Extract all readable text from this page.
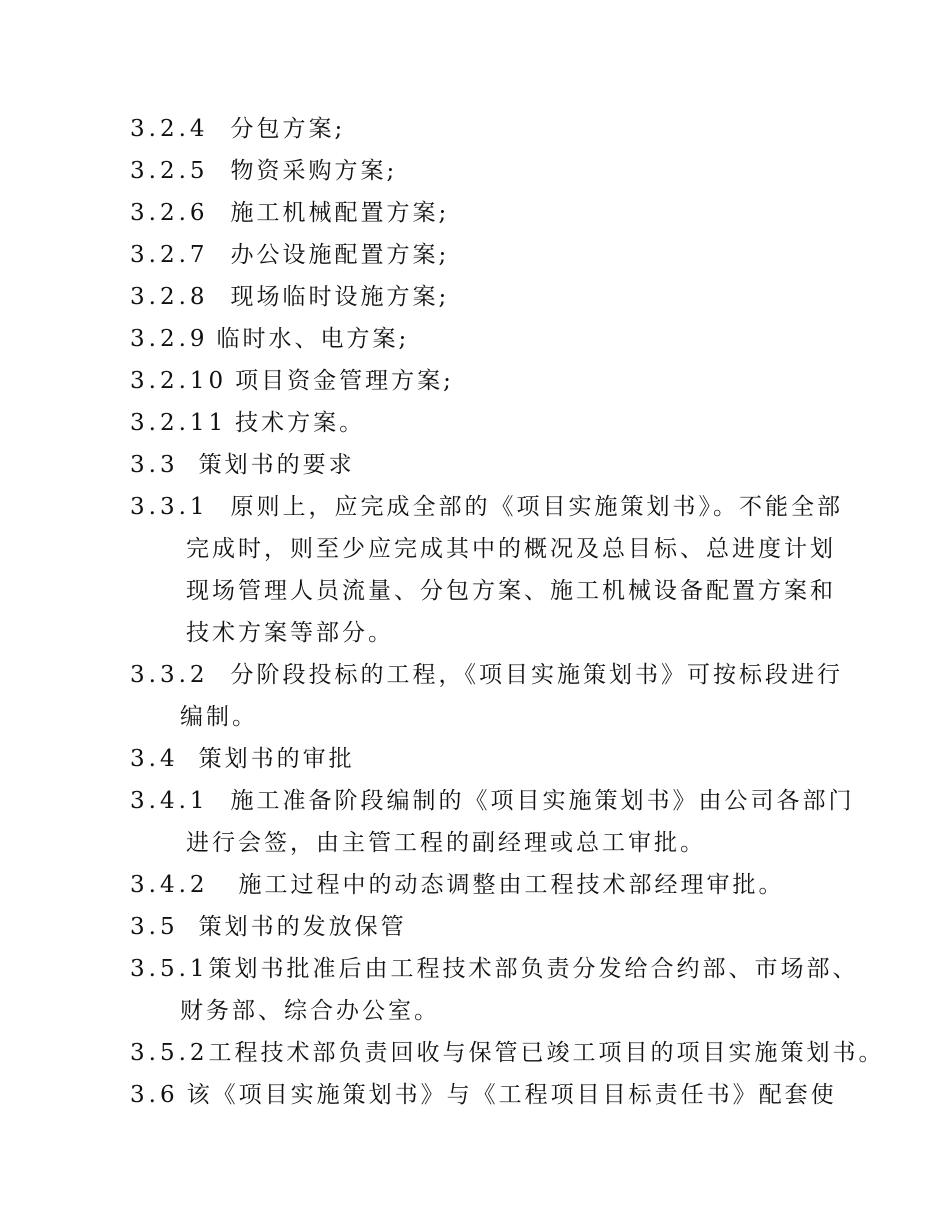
3.2.4 分包方案;
3.2.5 物资采购方案;
3.2.6 施工机械配置方案;
3.2.7 办公设施配置方案;
3.2.8 现场临时设施方案;
3.2.9 临时水、电方案;
3.2.10 项目资金管理方案;
3.2.11 技术方案。
3.3 策划书的要求
3.3.1 原则上，应完成全部的《项目实施策划书》。不能全部
完成时，则至少应完成其中的概况及总目标、总进度计划
现场管理人员流量、分包方案、施工机械设备配置方案和
技术方案等部分。
3.3.2 分阶段投标的工程，《项目实施策划书》可按标段进行
编制。
3.4 策划书的审批
3.4.1 施工准备阶段编制的《项目实施策划书》由公司各部门
进行会签，由主管工程的副经理或总工审批。
3.4.2 施工过程中的动态调整由工程技术部经理审批。
3.5 策划书的发放保管
3.5.1策划书批准后由工程技术部负责分发给合约部、市场部、
财务部、综合办公室。
3.5.2工程技术部负责回收与保管已竣工项目的项目实施策划书。
3.6 该《项目实施策划书》与《工程项目目标责任书》配套使
